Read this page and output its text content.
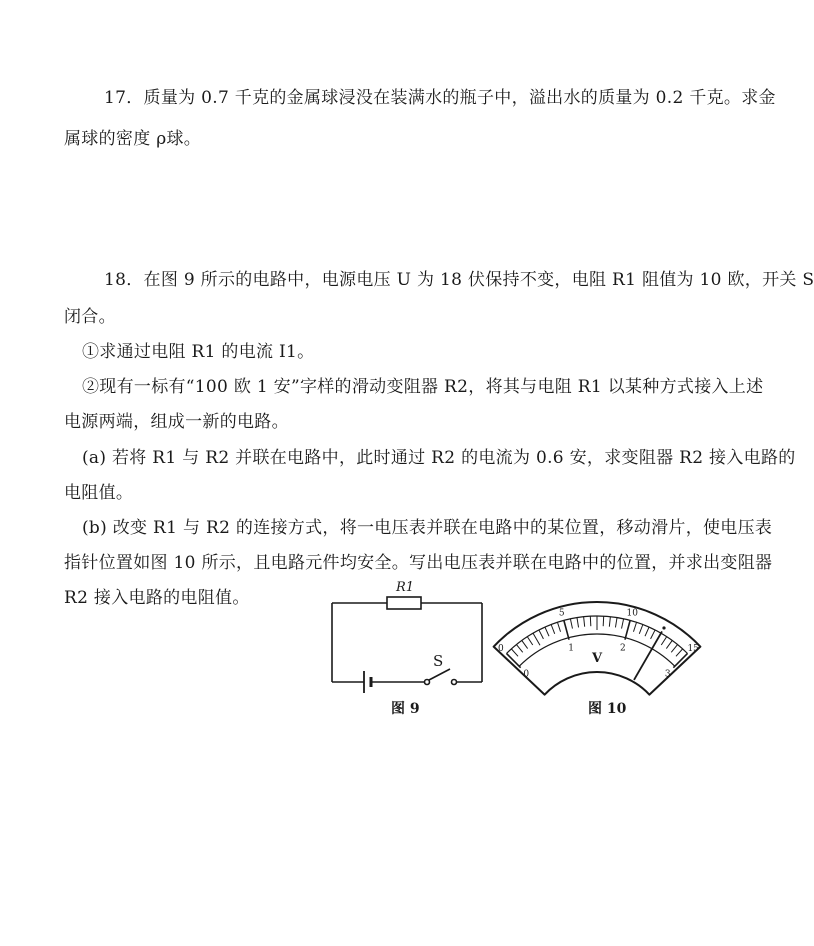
17．质量为 0.7 千克的金属球浸没在装满水的瓶子中，溢出水的质量为 0.2 千克。求金
属球的密度 ρ球。
18．在图 9 所示的电路中，电源电压 U 为 18 伏保持不变，电阻 R1 阻值为 10 欧，开关 S
闭合。
①求通过电阻 R1 的电流 I1。
②现有一标有“100 欧 1 安”字样的滑动变阻器 R2，将其与电阻 R1 以某种方式接入上述
电源两端，组成一新的电路。
(a) 若将 R1 与 R2 并联在电路中，此时通过 R2 的电流为 0.6 安，求变阻器 R2 接入电路的
电阻值。
(b) 改变 R1 与 R2 的连接方式，将一电压表并联在电路中的某位置，移动滑片，使电压表
指针位置如图 10 所示，且电路元件均安全。写出电压表并联在电路中的位置，并求出变阻器
R2 接入电路的电阻值。
R1
S
图 9
0
5	10
15
0
1	2
3
V
图 10
